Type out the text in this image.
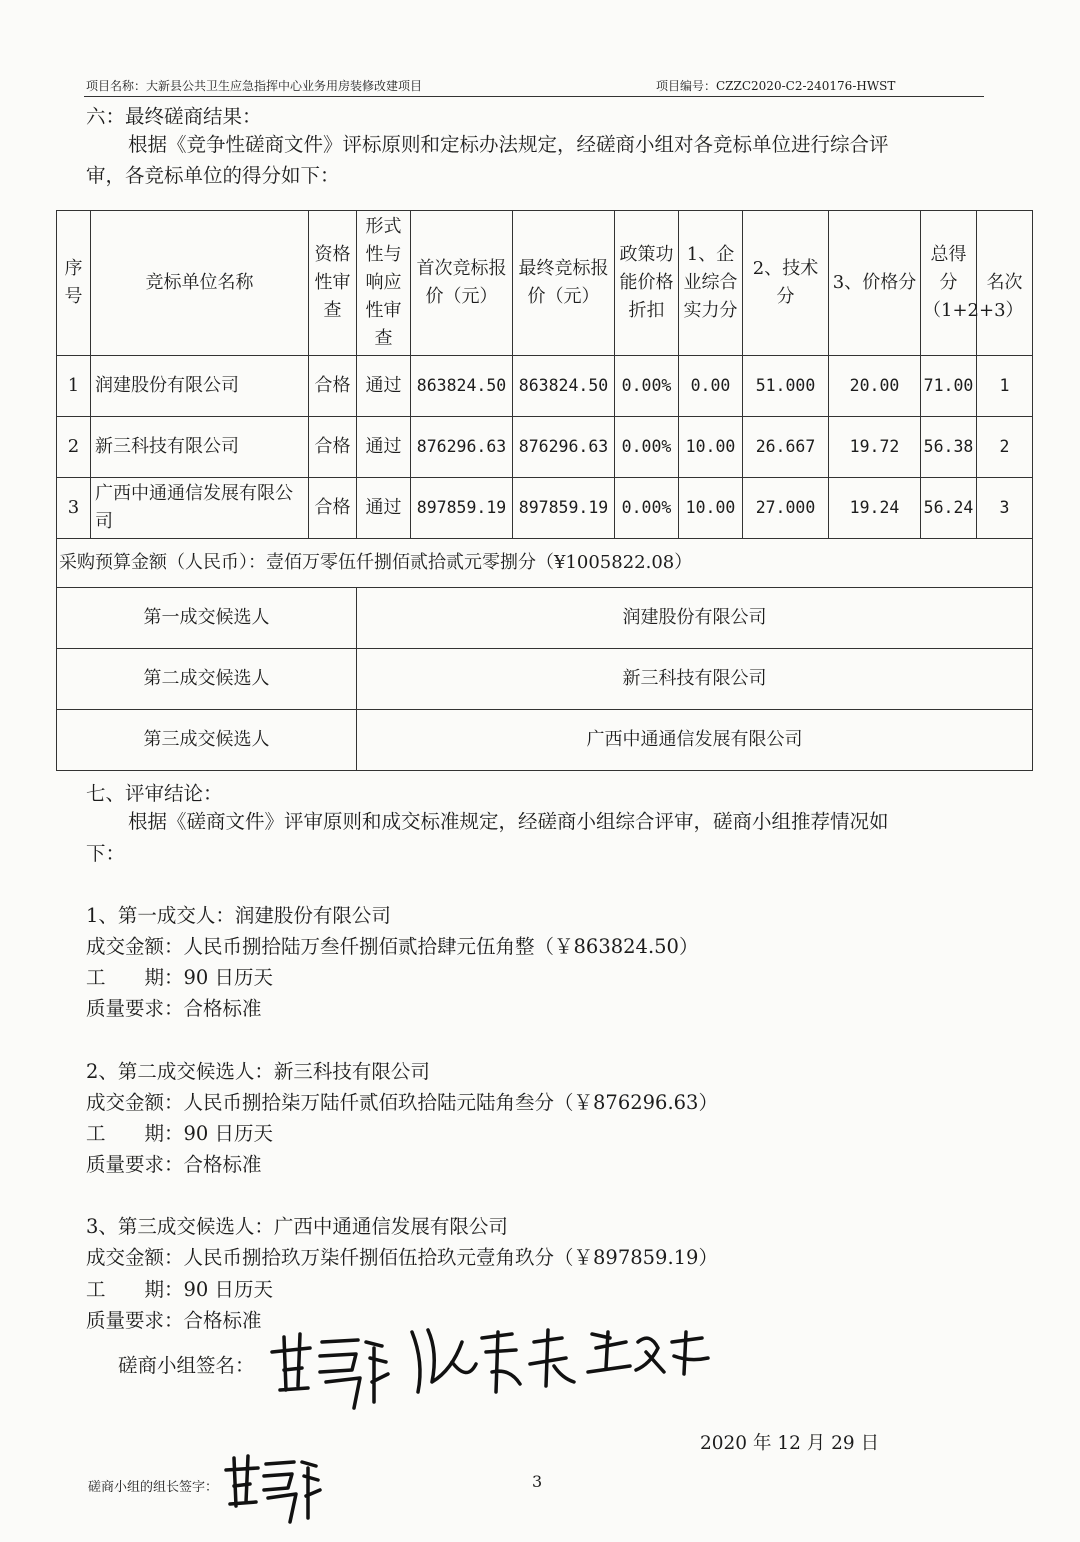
项目名称：大新县公共卫生应急指挥中心业务用房装修改建项目	项目编号：CZZC2020-C2-240176-HWST
六：最终磋商结果：
根据《竞争性磋商文件》评标原则和定标办法规定，经磋商小组对各竞标单位进行综合评
审，各竞标单位的得分如下：
序号	竞标单位名称	资格性审查	形式性与响应性审查	首次竞标报价（元）	最终竞标报价（元）	政策功能价格折扣	1、企业综合实力分	2、技术分	3、价格分	总得分（1+2+3）	名次
1	润建股份有限公司	合格	通过	863824.50	863824.50	0.00%	0.00	51.000	20.00	71.00	1
2	新三科技有限公司	合格	通过	876296.63	876296.63	0.00%	10.00	26.667	19.72	56.38	2
3	广西中通通信发展有限公司	合格	通过	897859.19	897859.19	0.00%	10.00	27.000	19.24	56.24	3
采购预算金额（人民币）：壹佰万零伍仟捌佰贰拾贰元零捌分（¥1005822.08）											
第一成交候选人			润建股份有限公司								
第二成交候选人			新三科技有限公司								
第三成交候选人			广西中通通信发展有限公司								
七、评审结论：
根据《磋商文件》评审原则和成交标准规定，经磋商小组综合评审，磋商小组推荐情况如
下：
1、第一成交人：润建股份有限公司
成交金额：人民币捌拾陆万叁仟捌佰贰拾肆元伍角整（￥863824.50）
工　　期：90 日历天
质量要求：合格标准
2、第二成交候选人：新三科技有限公司
成交金额：人民币捌拾柒万陆仟贰佰玖拾陆元陆角叁分（￥876296.63）
工　　期：90 日历天
质量要求：合格标准
3、第三成交候选人：广西中通通信发展有限公司
成交金额：人民币捌拾玖万柒仟捌佰伍拾玖元壹角玖分（￥897859.19）
工　　期：90 日历天
质量要求：合格标准
磋商小组签名：
2020 年 12 月 29 日
磋商小组的组长签字：	3
